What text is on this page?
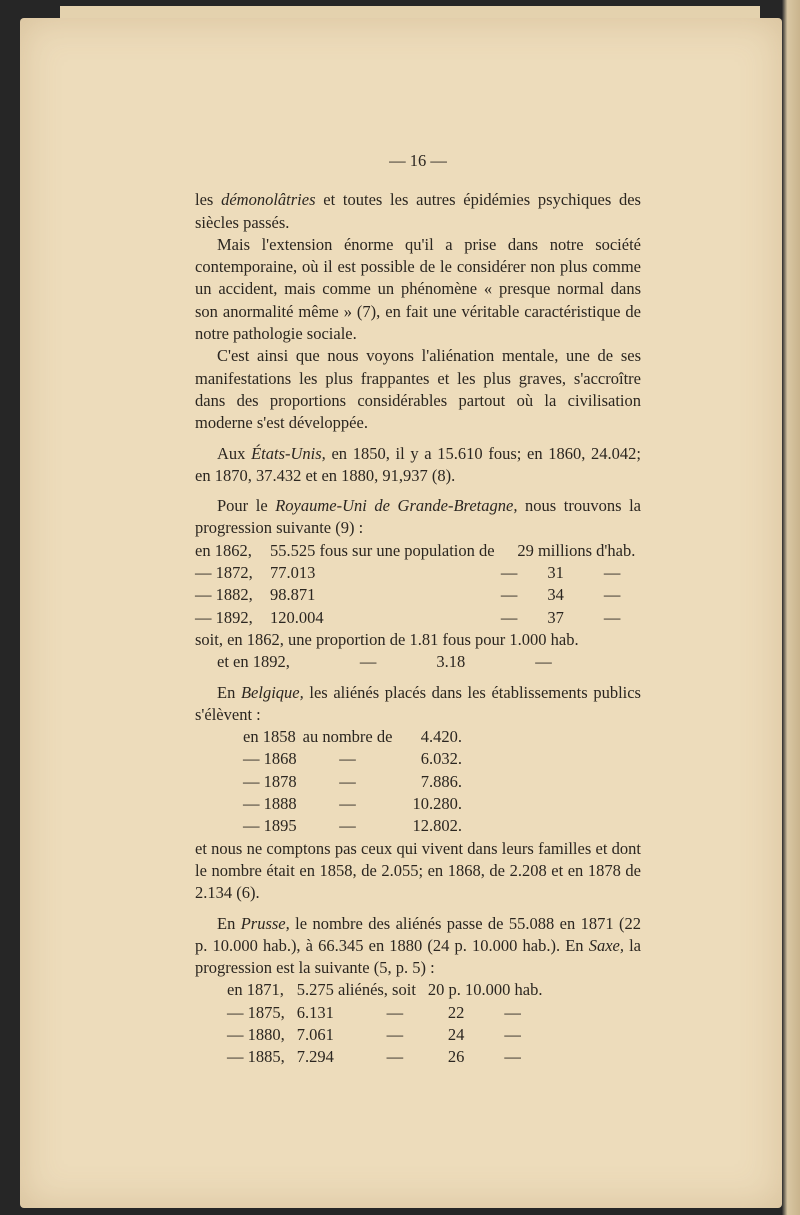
— 16 —

les démonolâtries et toutes les autres épidémies psychiques des siècles passés.

Mais l'extension énorme qu'il a prise dans notre société contemporaine, où il est possible de le considérer non plus comme un accident, mais comme un phénomène « presque normal dans son anormalité même » (7), en fait une véritable caractéristique de notre pathologie sociale.

C'est ainsi que nous voyons l'aliénation mentale, une de ses manifestations les plus frappantes et les plus graves, s'accroître dans des proportions considérables partout où la civilisation moderne s'est développée.

Aux États-Unis, en 1850, il y a 15.610 fous; en 1860, 24.042; en 1870, 37.432 et en 1880, 91,937 (8).

Pour le Royaume-Uni de Grande-Bretagne, nous trouvons la progression suivante (9) :

en 1862,	55.525 fous sur une population de		29 millions d'hab.
— 1872,	77.013	—	31 —
— 1882,	98.871	—	34 —
— 1892,	120.004	—	37 —

soit, en 1862, une proportion de 1.81 fous pour 1.000 hab.

et en 1892,	—	3.18	—

En Belgique, les aliénés placés dans les établissements publics s'élèvent :

en 1858	au nombre de	4.420.
— 1868	—	6.032.
— 1878	—	7.886.
— 1888	—	10.280.
— 1895	—	12.802.

et nous ne comptons pas ceux qui vivent dans leurs familles et dont le nombre était en 1858, de 2.055; en 1868, de 2.208 et en 1878 de 2.134 (6).

En Prusse, le nombre des aliénés passe de 55.088 en 1871 (22 p. 10.000 hab.), à 66.345 en 1880 (24 p. 10.000 hab.). En Saxe, la progression est la suivante (5, p. 5) :

en 1871,	5.275 aliénés, soit		20 p. 10.000 hab.
— 1875,	6.131	—	22 —
— 1880,	7.061	—	24 —
— 1885,	7.294	—	26 —
